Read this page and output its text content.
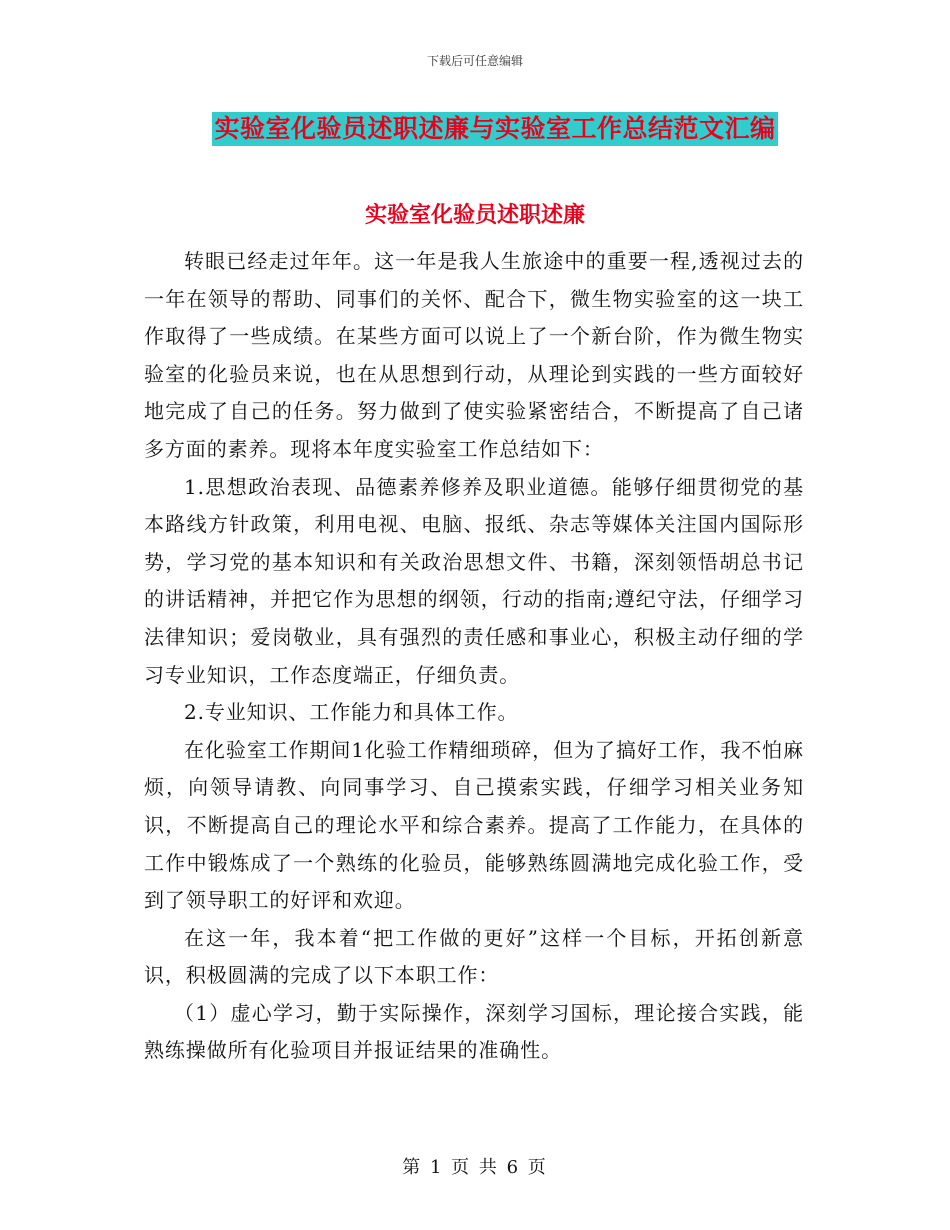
下载后可任意编辑
实验室化验员述职述廉与实验室工作总结范文汇编
实验室化验员述职述廉

转眼已经走过年年。这一年是我人生旅途中的重要一程,透视过去的一年在领导的帮助、同事们的关怀、配合下，微生物实验室的这一块工作取得了一些成绩。在某些方面可以说上了一个新台阶，作为微生物实验室的化验员来说，也在从思想到行动，从理论到实践的一些方面较好地完成了自己的任务。努力做到了使实验紧密结合，不断提高了自己诸多方面的素养。现将本年度实验室工作总结如下：

1.思想政治表现、品德素养修养及职业道德。能够仔细贯彻党的基本路线方针政策，利用电视、电脑、报纸、杂志等媒体关注国内国际形势，学习党的基本知识和有关政治思想文件、书籍，深刻领悟胡总书记的讲话精神，并把它作为思想的纲领，行动的指南;遵纪守法，仔细学习法律知识；爱岗敬业，具有强烈的责任感和事业心，积极主动仔细的学习专业知识，工作态度端正，仔细负责。

2.专业知识、工作能力和具体工作。

在化验室工作期间1化验工作精细琐碎，但为了搞好工作，我不怕麻烦，向领导请教、向同事学习、自己摸索实践，仔细学习相关业务知识，不断提高自己的理论水平和综合素养。提高了工作能力，在具体的工作中锻炼成了一个熟练的化验员，能够熟练圆满地完成化验工作，受到了领导职工的好评和欢迎。

在这一年，我本着“把工作做的更好”这样一个目标，开拓创新意识，积极圆满的完成了以下本职工作：

（1）虚心学习，勤于实际操作，深刻学习国标，理论接合实践，能熟练操做所有化验项目并报证结果的准确性。

第 1 页 共 6 页
